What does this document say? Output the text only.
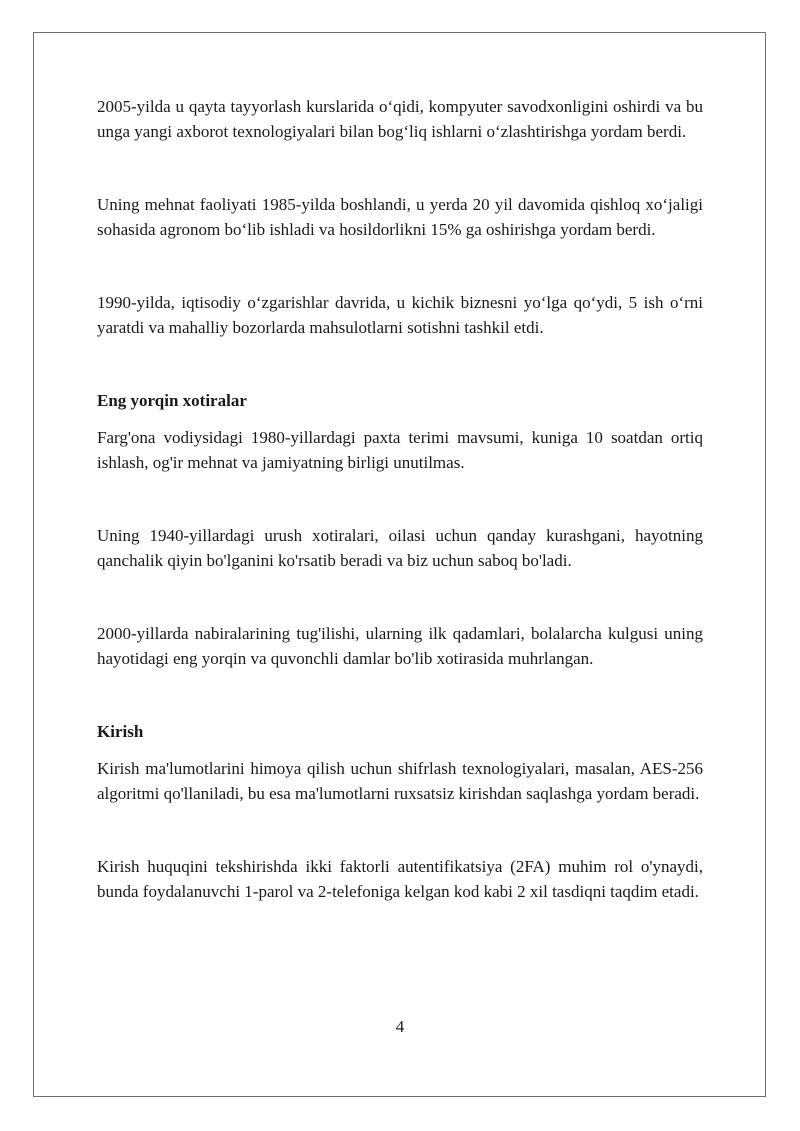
2005-yilda u qayta tayyorlash kurslarida o‘qidi, kompyuter savodxonligini oshirdi va bu unga yangi axborot texnologiyalari bilan bog‘liq ishlarni o‘zlashtirishga yordam berdi.

Uning mehnat faoliyati 1985-yilda boshlandi, u yerda 20 yil davomida qishloq xo‘jaligi sohasida agronom bo‘lib ishladi va hosildorlikni 15% ga oshirishga yordam berdi.

1990-yilda, iqtisodiy o‘zgarishlar davrida, u kichik biznesni yo‘lga qo‘ydi, 5 ish o‘rni yaratdi va mahalliy bozorlarda mahsulotlarni sotishni tashkil etdi.

Eng yorqin xotiralar

Farg'ona vodiysidagi 1980-yillardagi paxta terimi mavsumi, kuniga 10 soatdan ortiq ishlash, og'ir mehnat va jamiyatning birligi unutilmas.

Uning 1940-yillardagi urush xotiralari, oilasi uchun qanday kurashgani, hayotning qanchalik qiyin bo'lganini ko'rsatib beradi va biz uchun saboq bo'ladi.

2000-yillarda nabiralarining tug'ilishi, ularning ilk qadamlari, bolalarcha kulgusi uning hayotidagi eng yorqin va quvonchli damlar bo'lib xotirasida muhrlangan.

Kirish

Kirish ma'lumotlarini himoya qilish uchun shifrlash texnologiyalari, masalan, AES-256 algoritmi qo'llaniladi, bu esa ma'lumotlarni ruxsatsiz kirishdan saqlashga yordam beradi.

Kirish huquqini tekshirishda ikki faktorli autentifikatsiya (2FA) muhim rol o'ynaydi, bunda foydalanuvchi 1-parol va 2-telefoniga kelgan kod kabi 2 xil tasdiqni taqdim etadi.

4
